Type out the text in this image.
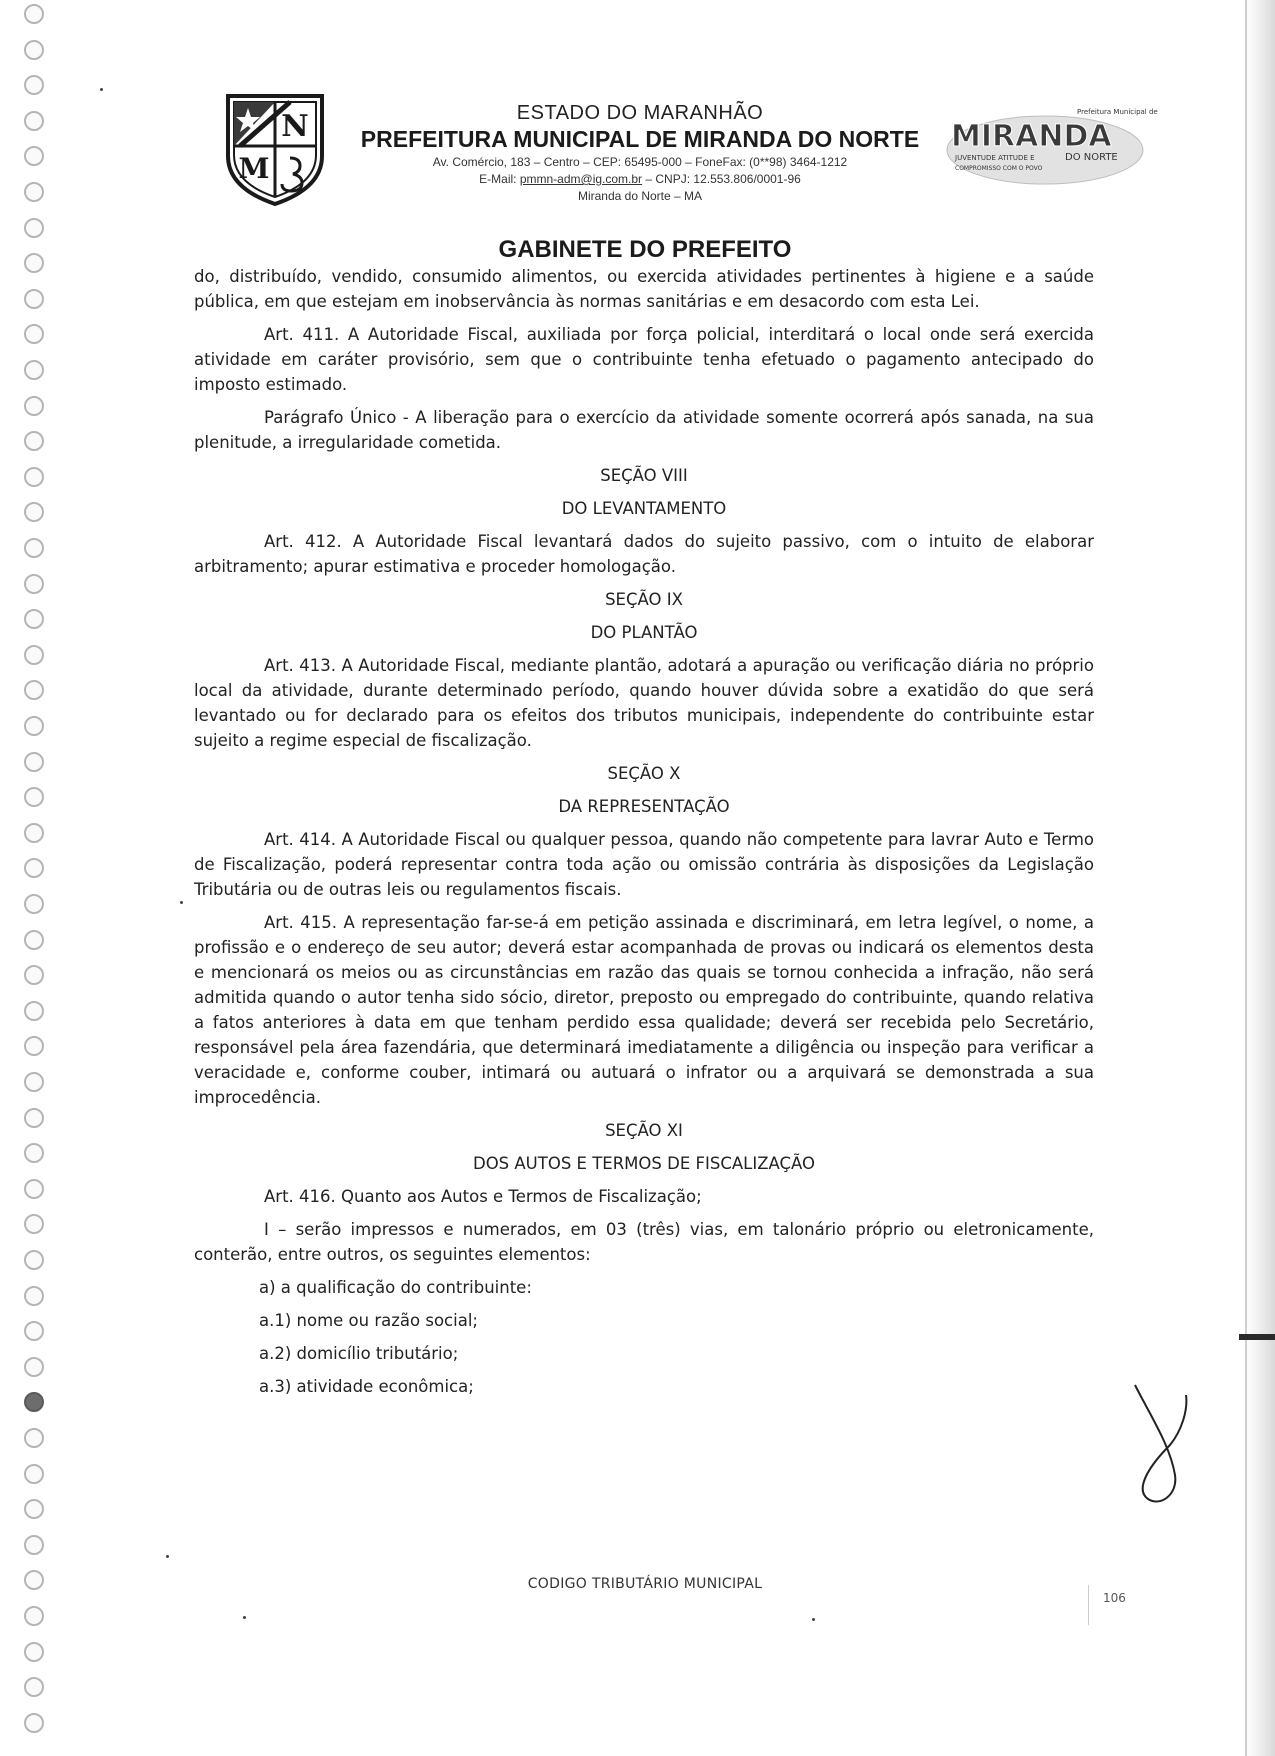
N
M
ESTADO DO MARANHÃO
PREFEITURA MUNICIPAL DE MIRANDA DO NORTE
Av. Comércio, 183 – Centro – CEP: 65495-000 – FoneFax: (0**98) 3464-1212
E-Mail: pmmn-adm@ig.com.br – CNPJ: 12.553.806/0001-96
Miranda do Norte – MA
Prefeitura Municipal de
MIRANDA
JUVENTUDE ATITUDE E	DO NORTE
COMPROMISSO COM O POVO
GABINETE DO PREFEITO

do, distribuído, vendido, consumido alimentos, ou exercida atividades pertinentes à higiene e a saúde pública, em que estejam em inobservância às normas sanitárias e em desacordo com esta Lei.

Art. 411. A Autoridade Fiscal, auxiliada por força policial, interditará o local onde será exercida atividade em caráter provisório, sem que o contribuinte tenha efetuado o pagamento antecipado do imposto estimado.

Parágrafo Único - A liberação para o exercício da atividade somente ocorrerá após sanada, na sua plenitude, a irregularidade cometida.

SEÇÃO VIII

DO LEVANTAMENTO

Art. 412. A Autoridade Fiscal levantará dados do sujeito passivo, com o intuito de elaborar arbitramento; apurar estimativa e proceder homologação.

SEÇÃO IX

DO PLANTÃO

Art. 413. A Autoridade Fiscal, mediante plantão, adotará a apuração ou verificação diária no próprio local da atividade, durante determinado período, quando houver dúvida sobre a exatidão do que será levantado ou for declarado para os efeitos dos tributos municipais, independente do contribuinte estar sujeito a regime especial de fiscalização.

SEÇÃO X

DA REPRESENTAÇÃO

Art. 414. A Autoridade Fiscal ou qualquer pessoa, quando não competente para lavrar Auto e Termo de Fiscalização, poderá representar contra toda ação ou omissão contrária às disposições da Legislação Tributária ou de outras leis ou regulamentos fiscais.

Art. 415. A representação far-se-á em petição assinada e discriminará, em letra legível, o nome, a profissão e o endereço de seu autor; deverá estar acompanhada de provas ou indicará os elementos desta e mencionará os meios ou as circunstâncias em razão das quais se tornou conhecida a infração, não será admitida quando o autor tenha sido sócio, diretor, preposto ou empregado do contribuinte, quando relativa a fatos anteriores à data em que tenham perdido essa qualidade; deverá ser recebida pelo Secretário, responsável pela área fazendária, que determinará imediatamente a diligência ou inspeção para verificar a veracidade e, conforme couber, intimará ou autuará o infrator ou a arquivará se demonstrada a sua improcedência.

SEÇÃO XI

DOS AUTOS E TERMOS DE FISCALIZAÇÃO

Art. 416. Quanto aos Autos e Termos de Fiscalização;

I – serão impressos e numerados, em 03 (três) vias, em talonário próprio ou eletronicamente, conterão, entre outros, os seguintes elementos:

a) a qualificação do contribuinte:

a.1) nome ou razão social;

a.2) domicílio tributário;

a.3) atividade econômica;

CODIGO TRIBUTÁRIO MUNICIPAL
106
